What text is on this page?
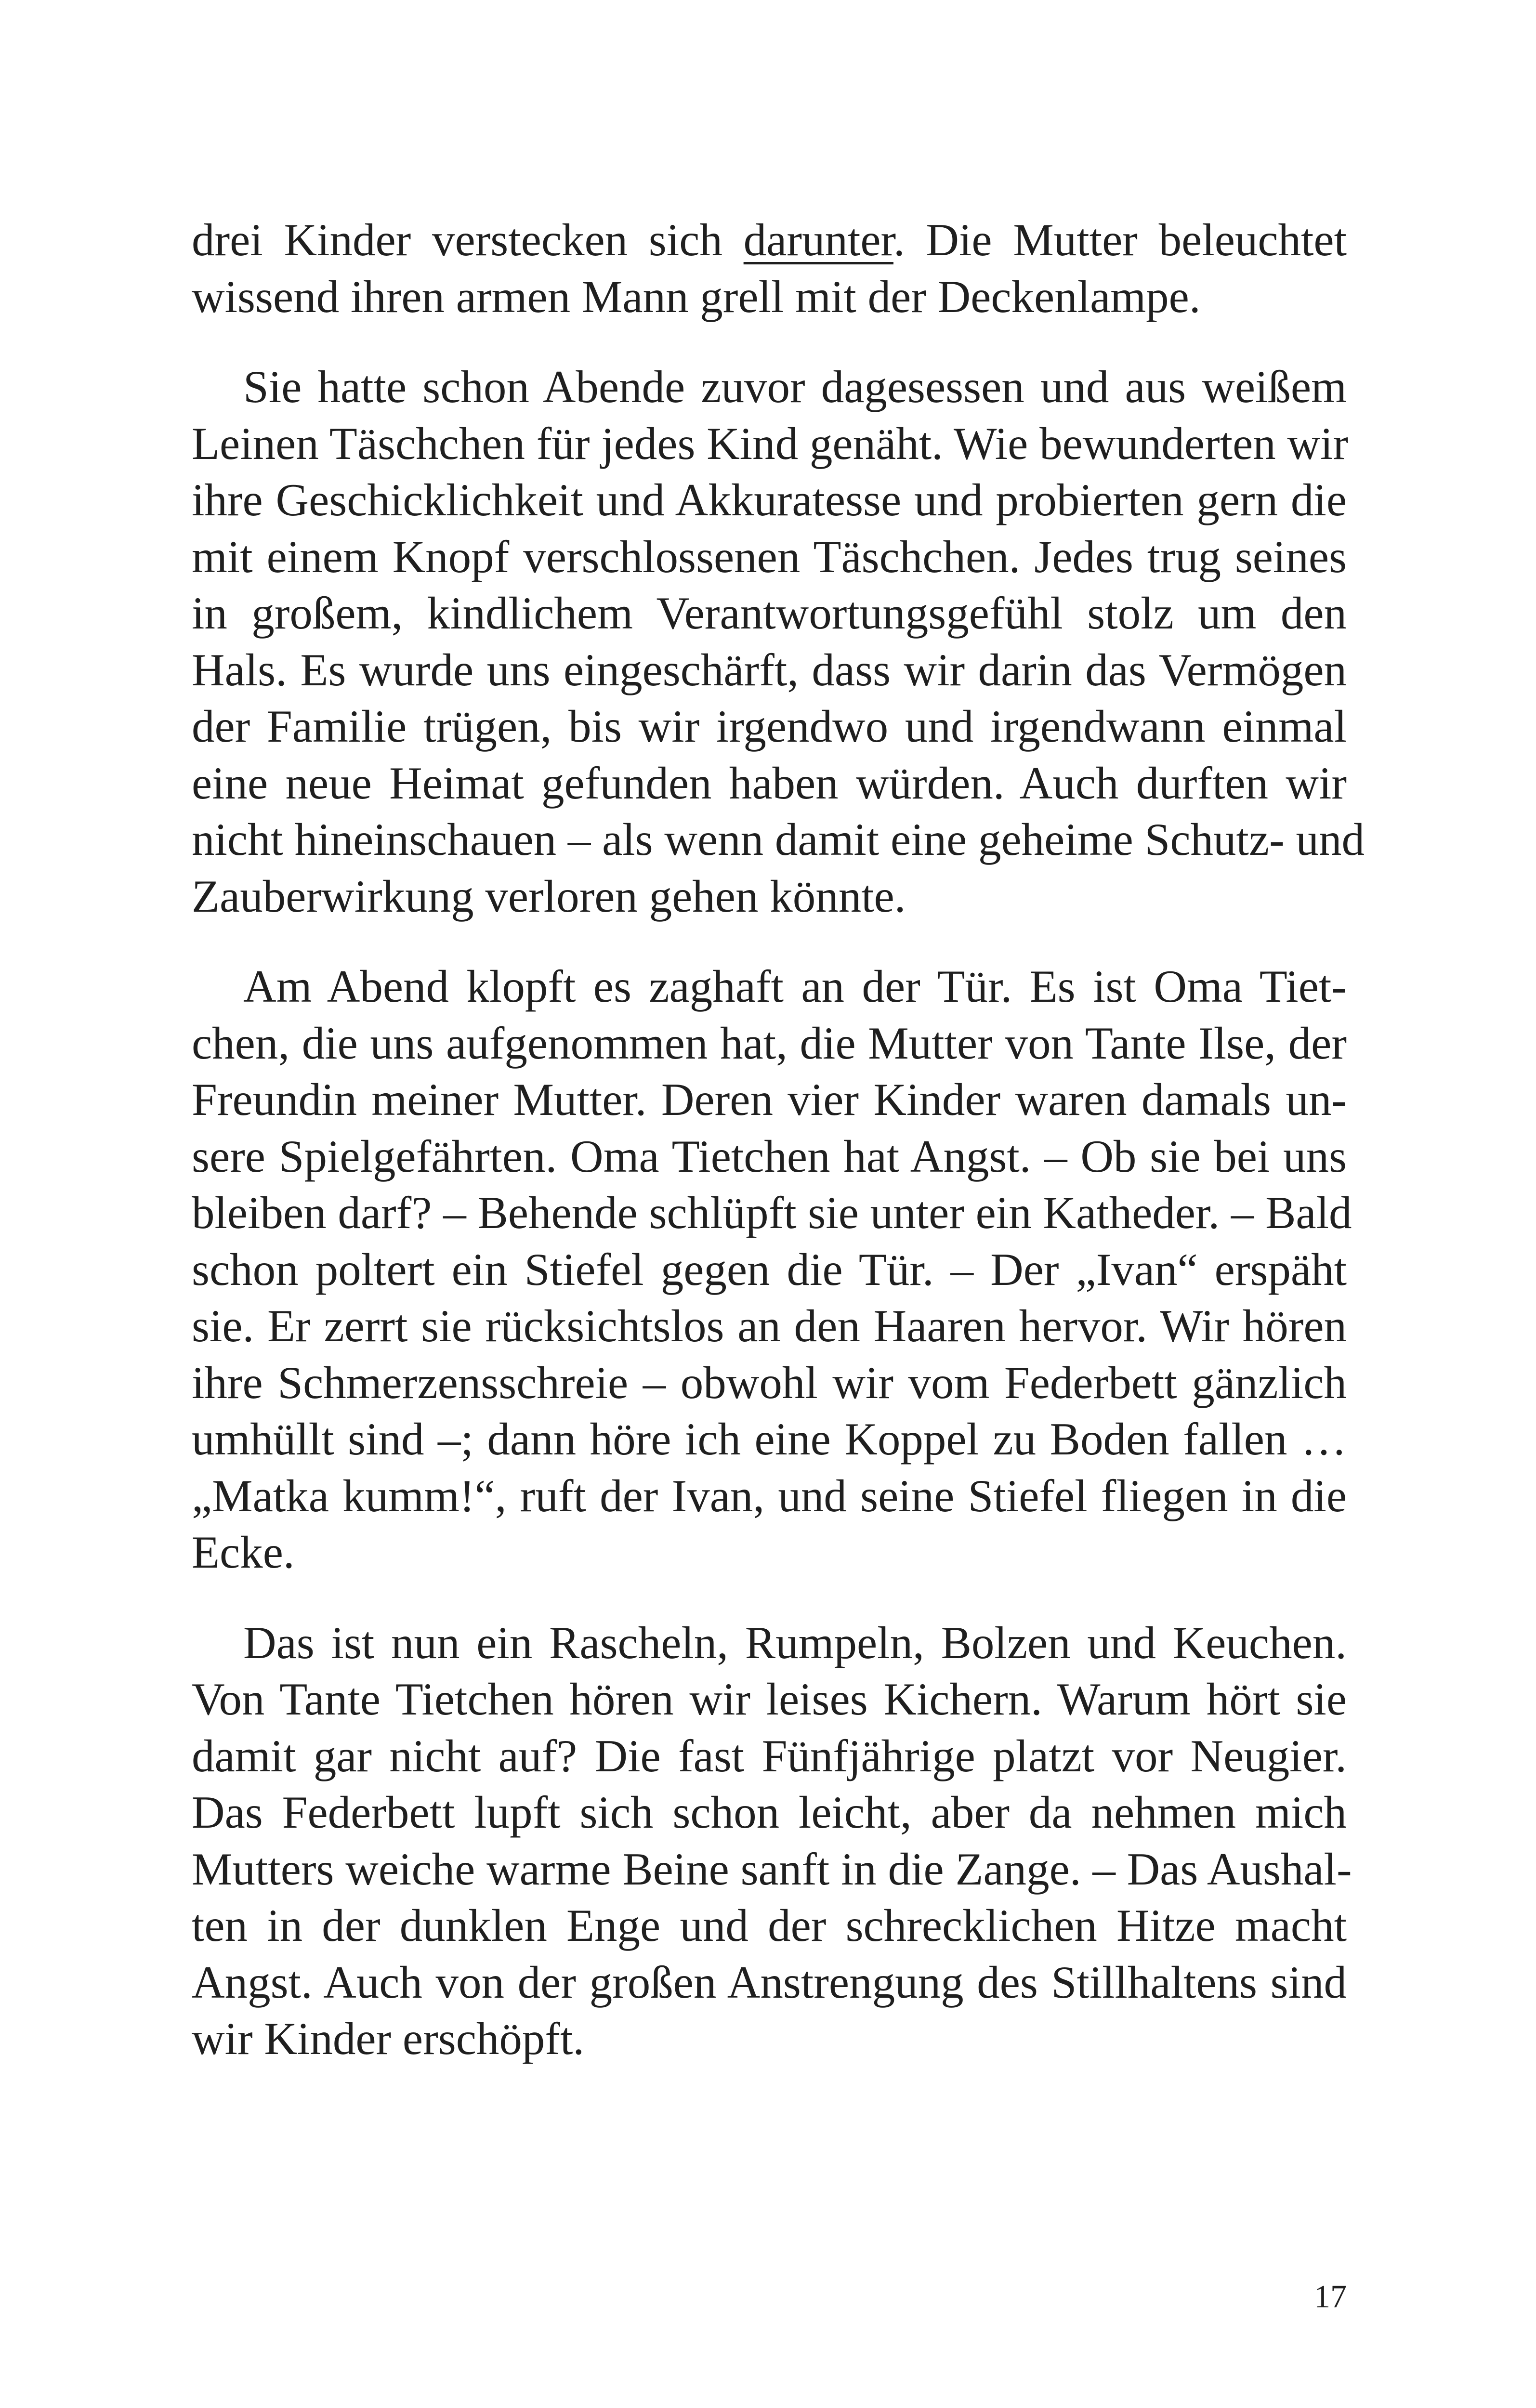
drei Kinder verstecken sich darunter. Die Mutter beleuchtet
wissend ihren armen Mann grell mit der Deckenlampe.

Sie hatte schon Abende zuvor dagesessen und aus weißem
Leinen Täschchen für jedes Kind genäht. Wie bewunderten wir
ihre Geschicklichkeit und Akkuratesse und probierten gern die
mit einem Knopf verschlossenen Täschchen. Jedes trug seines
in großem, kindlichem Verantwortungsgefühl stolz um den
Hals. Es wurde uns eingeschärft, dass wir darin das Vermögen
der Familie trügen, bis wir irgendwo und irgendwann einmal
eine neue Heimat gefunden haben würden. Auch durften wir
nicht hineinschauen – als wenn damit eine geheime Schutz- und
Zauberwirkung verloren gehen könnte.

Am Abend klopft es zaghaft an der Tür. Es ist Oma Tiet-
chen, die uns aufgenommen hat, die Mutter von Tante Ilse, der
Freundin meiner Mutter. Deren vier Kinder waren damals un-
sere Spielgefährten. Oma Tietchen hat Angst. – Ob sie bei uns
bleiben darf? – Behende schlüpft sie unter ein Katheder. – Bald
schon poltert ein Stiefel gegen die Tür. – Der „Ivan“ erspäht
sie. Er zerrt sie rücksichtslos an den Haaren hervor. Wir hören
ihre Schmerzensschreie – obwohl wir vom Federbett gänzlich
umhüllt sind –; dann höre ich eine Koppel zu Boden fallen …
„Matka kumm!“, ruft der Ivan, und seine Stiefel fliegen in die
Ecke.

Das ist nun ein Rascheln, Rumpeln, Bolzen und Keuchen.
Von Tante Tietchen hören wir leises Kichern. Warum hört sie
damit gar nicht auf? Die fast Fünfjährige platzt vor Neugier.
Das Federbett lupft sich schon leicht, aber da nehmen mich
Mutters weiche warme Beine sanft in die Zange. – Das Aushal-
ten in der dunklen Enge und der schrecklichen Hitze macht
Angst. Auch von der großen Anstrengung des Stillhaltens sind
wir Kinder erschöpft.

17
